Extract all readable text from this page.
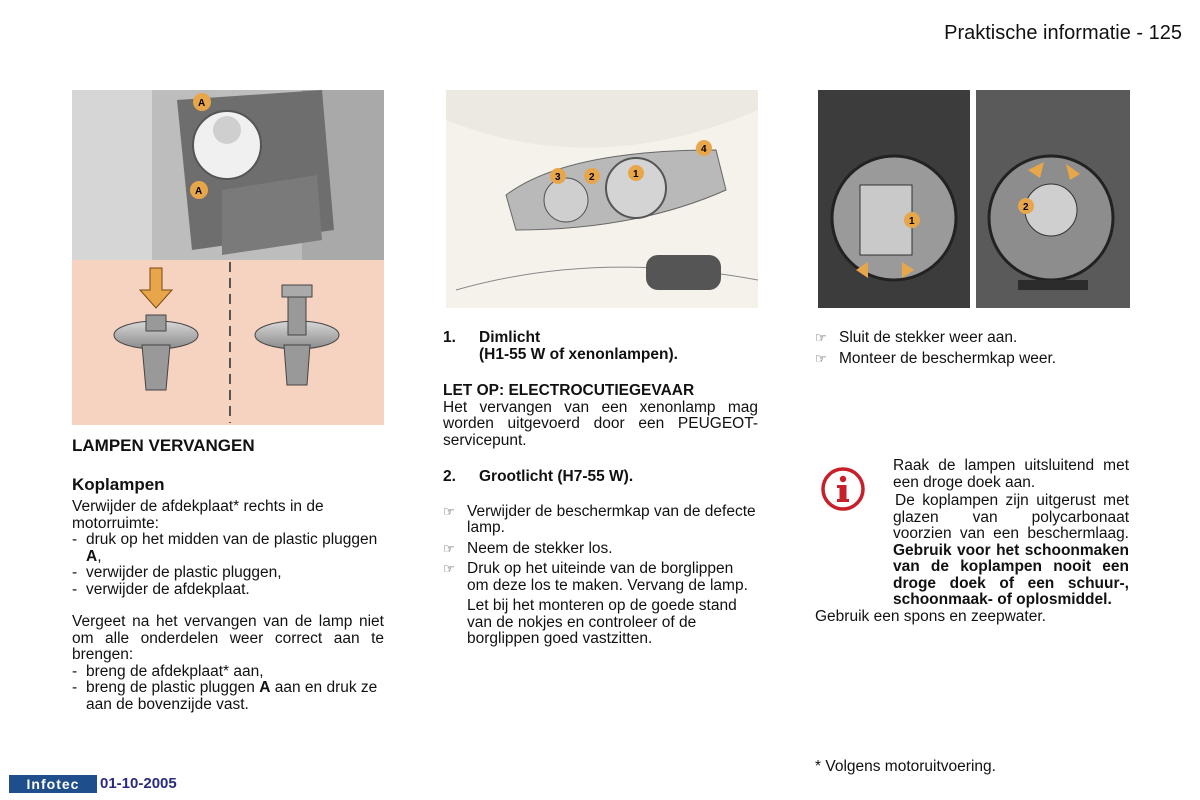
Praktische informatie - 125
A
A

LAMPEN VERVANGEN

Koplampen

Verwijder de afdekplaat* rechts in de motorruimte:

- druk op het midden van de plastic pluggen A,
- verwijder de plastic pluggen,
- verwijder de afdekplaat.

Vergeet na het vervangen van de lamp niet om alle onderdelen weer correct aan te brengen:

- breng de afdekplaat* aan,
- breng de plastic pluggen A aan en druk ze aan de bovenzijde vast.
3	2	1
4
1.	Dimlicht
(H1-55 W of xenonlampen).

LET OP: ELECTROCUTIEGEVAAR

Het vervangen van een xenonlamp mag worden uitgevoerd door een PEUGEOT-servicepunt.

2.	Grootlicht (H7-55 W).
☞ Verwijder de beschermkap van de defecte lamp.
☞ Neem de stekker los.
☞ Druk op het uiteinde van de borglippen om deze los te maken. Vervang de lamp.

Let bij het monteren op de goede stand van de nokjes en controleer of de borglippen goed vastzitten.

1
2
☞ Sluit de stekker weer aan.
☞ Monteer de beschermkap weer.

Raak de lampen uitsluitend met een droge doek aan.

De koplampen zijn uitgerust met glazen van polycarbonaat voorzien van een beschermlaag. Gebruik voor het schoonmaken van de koplampen nooit een droge doek of een schuur-, schoonmaak- of oplosmiddel.

Gebruik een spons en zeepwater.

* Volgens motoruitvoering.
Infotec	01-10-2005
